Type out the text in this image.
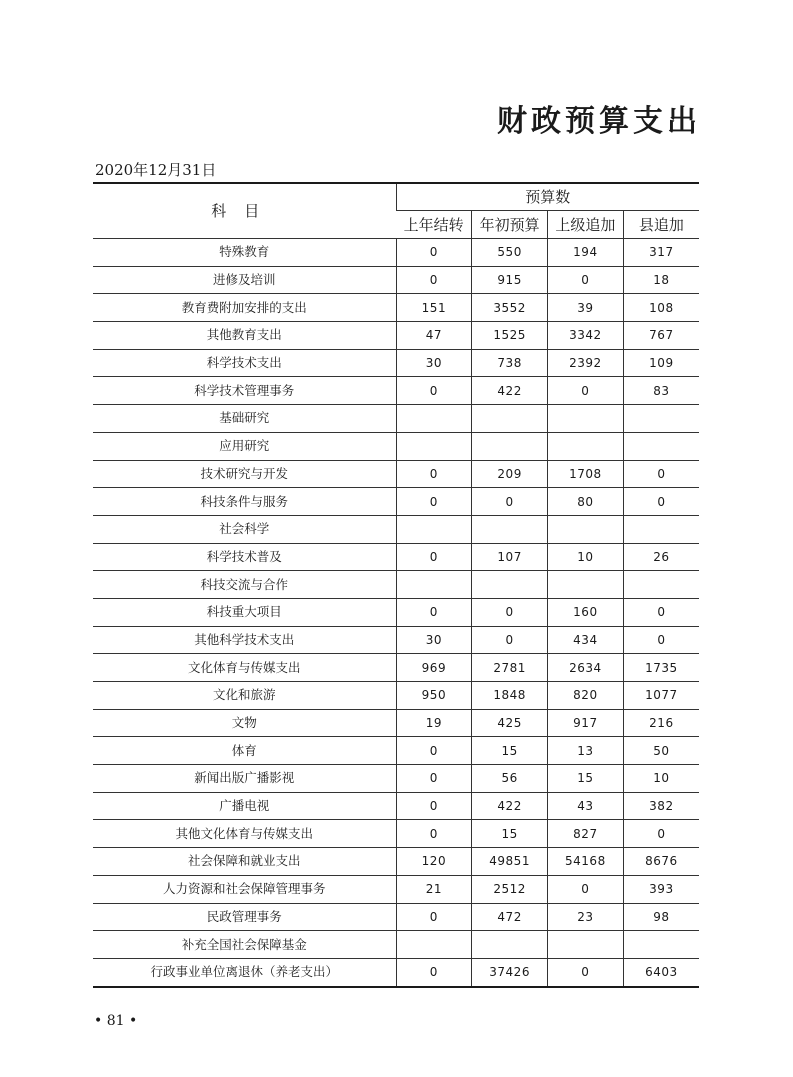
财政预算支出
2020年12月31日
科目	预算数			
	上年结转	年初预算	上级追加	县追加
特殊教育	0	550	194	317
进修及培训	0	915	0	18
教育费附加安排的支出	151	3552	39	108
其他教育支出	47	1525	3342	767
科学技术支出	30	738	2392	109
科学技术管理事务	0	422	0	83
基础研究				
应用研究				
技术研究与开发	0	209	1708	0
科技条件与服务	0	0	80	0
社会科学				
科学技术普及	0	107	10	26
科技交流与合作				
科技重大项目	0	0	160	0
其他科学技术支出	30	0	434	0
文化体育与传媒支出	969	2781	2634	1735
文化和旅游	950	1848	820	1077
文物	19	425	917	216
体育	0	15	13	50
新闻出版广播影视	0	56	15	10
广播电视	0	422	43	382
其他文化体育与传媒支出	0	15	827	0
社会保障和就业支出	120	49851	54168	8676
人力资源和社会保障管理事务	21	2512	0	393
民政管理事务	0	472	23	98
补充全国社会保障基金				
行政事业单位离退休（养老支出）	0	37426	0	6403
• 81 •
